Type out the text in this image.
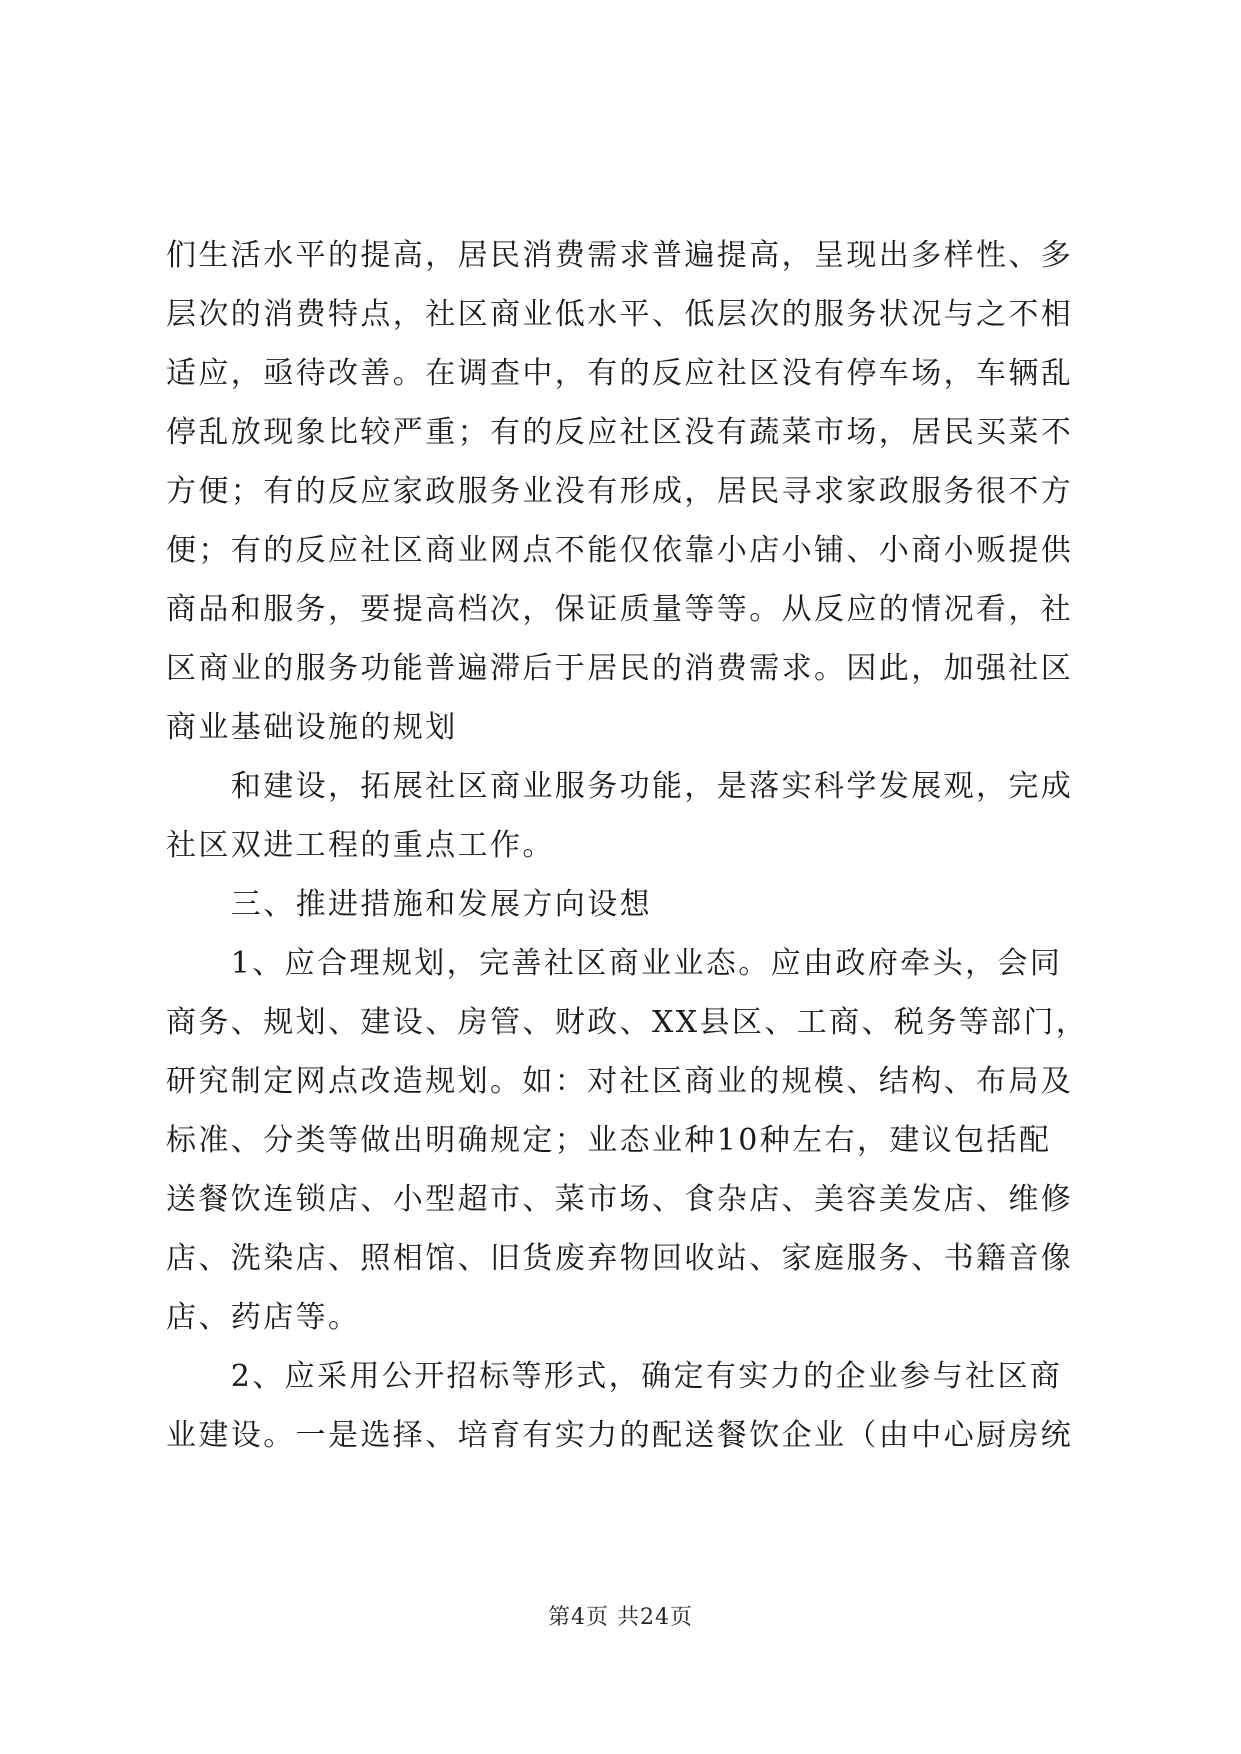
们生活水平的提高，居民消费需求普遍提高，呈现出多样性、多
层次的消费特点，社区商业低水平、低层次的服务状况与之不相
适应，亟待改善。在调查中，有的反应社区没有停车场，车辆乱
停乱放现象比较严重；有的反应社区没有蔬菜市场，居民买菜不
方便；有的反应家政服务业没有形成，居民寻求家政服务很不方
便；有的反应社区商业网点不能仅依靠小店小铺、小商小贩提供
商品和服务，要提高档次，保证质量等等。从反应的情况看，社
区商业的服务功能普遍滞后于居民的消费需求。因此，加强社区
商业基础设施的规划
　　和建设，拓展社区商业服务功能，是落实科学发展观，完成
社区双进工程的重点工作。
　　三、推进措施和发展方向设想
　　1、应合理规划，完善社区商业业态。应由政府牵头，会同
商务、规划、建设、房管、财政、XX县区、工商、税务等部门，
研究制定网点改造规划。如：对社区商业的规模、结构、布局及
标准、分类等做出明确规定；业态业种10种左右，建议包括配
送餐饮连锁店、小型超市、菜市场、食杂店、美容美发店、维修
店、洗染店、照相馆、旧货废弃物回收站、家庭服务、书籍音像
店、药店等。
　　2、应采用公开招标等形式，确定有实力的企业参与社区商
业建设。一是选择、培育有实力的配送餐饮企业（由中心厨房统
第4页 共24页
